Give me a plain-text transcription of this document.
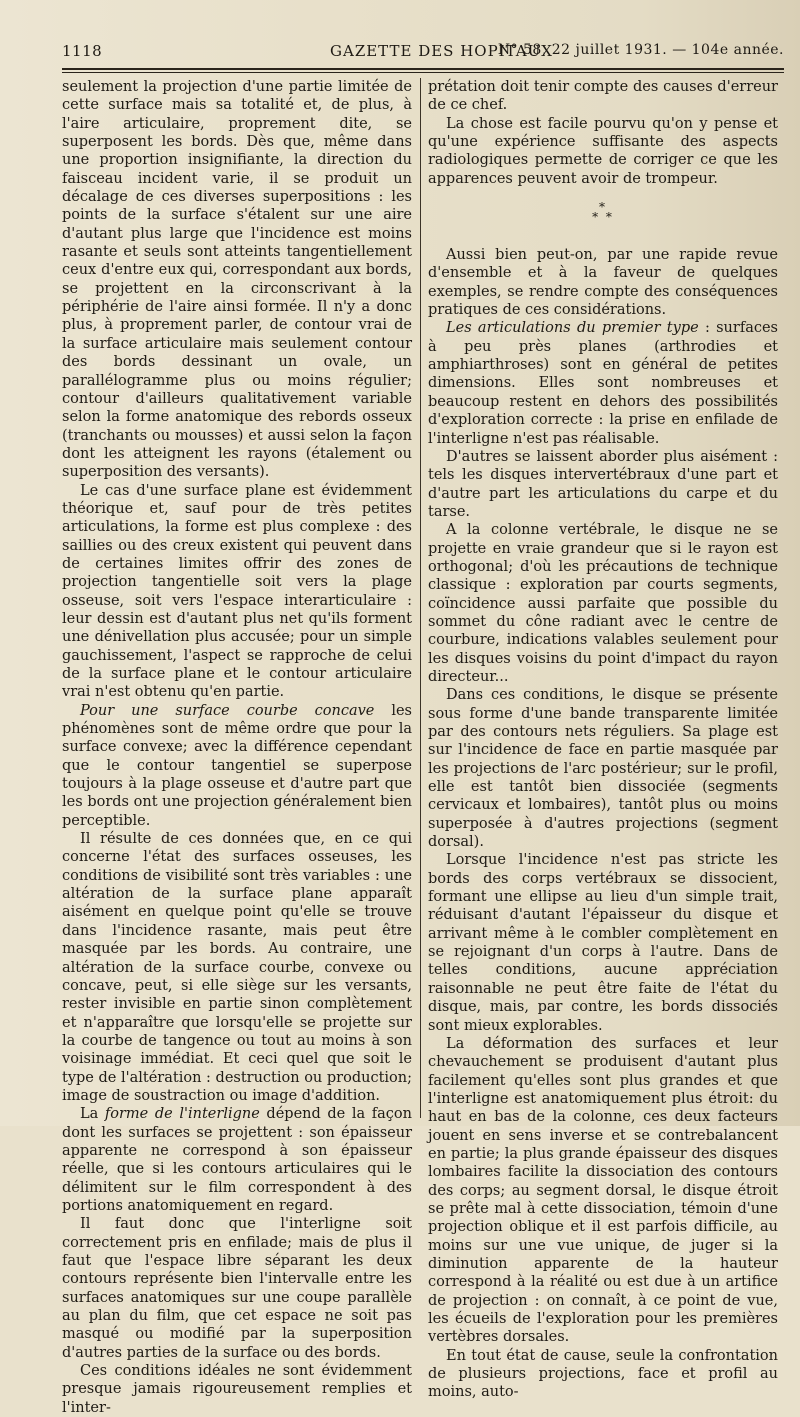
1118	GAZETTE DES HOPITAUX
N° 58, 22 juillet 1931. — 104e année.

seulement la projection d'une partie limitée de cette surface mais sa totalité et, de plus, à l'aire articulaire, proprement dite, se superposent les bords. Dès que, même dans une proportion insignifiante, la direction du faisceau incident varie, il se produit un décalage de ces diverses superpositions : les points de la surface s'étalent sur une aire d'autant plus large que l'incidence est moins rasante et seuls sont atteints tangentiellement ceux d'entre eux qui, correspondant aux bords, se projettent en la circonscrivant à la périphérie de l'aire ainsi formée. Il n'y a donc plus, à proprement parler, de contour vrai de la surface articulaire mais seulement contour des bords dessinant un ovale, un parallélogramme plus ou moins régulier; contour d'ailleurs qualitativement variable selon la forme anatomique des rebords osseux (tranchants ou mousses) et aussi selon la façon dont les atteignent les rayons (étalement ou superposition des versants).

Le cas d'une surface plane est évidemment théorique et, sauf pour de très petites articulations, la forme est plus complexe : des saillies ou des creux existent qui peuvent dans de certaines limites offrir des zones de projection tangentielle soit vers la plage osseuse, soit vers l'espace interarticulaire : leur dessin est d'autant plus net qu'ils forment une dénivellation plus accusée; pour un simple gauchissement, l'aspect se rapproche de celui de la surface plane et le contour articulaire vrai n'est obtenu qu'en partie.

Pour une surface courbe concave les phénomènes sont de même ordre que pour la surface convexe; avec la différence cependant que le contour tangentiel se superpose toujours à la plage osseuse et d'autre part que les bords ont une projection généralement bien perceptible.

Il résulte de ces données que, en ce qui concerne l'état des surfaces osseuses, les conditions de visibilité sont très variables : une altération de la surface plane apparaît aisément en quelque point qu'elle se trouve dans l'incidence rasante, mais peut être masquée par les bords. Au contraire, une altération de la surface courbe, convexe ou concave, peut, si elle siège sur les versants, rester invisible en partie sinon complètement et n'apparaître que lorsqu'elle se projette sur la courbe de tangence ou tout au moins à son voisinage immédiat. Et ceci quel que soit le type de l'altération : destruction ou production; image de soustraction ou image d'addition.

La forme de l'interligne dépend de la façon dont les surfaces se projettent : son épaisseur apparente ne correspond à son épaisseur réelle, que si les contours articulaires qui le délimitent sur le film correspondent à des portions anatomiquement en regard.

Il faut donc que l'interligne soit correctement pris en enfilade; mais de plus il faut que l'espace libre séparant les deux contours représente bien l'intervalle entre les surfaces anatomiques sur une coupe parallèle au plan du film, que cet espace ne soit pas masqué ou modifié par la superposition d'autres parties de la surface ou des bords.

Ces conditions idéales ne sont évidemment presque jamais rigoureusement remplies et l'inter-

prétation doit tenir compte des causes d'erreur de ce chef.

La chose est facile pourvu qu'on y pense et qu'une expérience suffisante des aspects radiologiques permette de corriger ce que les apparences peuvent avoir de trompeur.

*
* *

Aussi bien peut-on, par une rapide revue d'ensemble et à la faveur de quelques exemples, se rendre compte des conséquences pratiques de ces considérations.

Les articulations du premier type : surfaces à peu près planes (arthrodies et amphiarthroses) sont en général de petites dimensions. Elles sont nombreuses et beaucoup restent en dehors des possibilités d'exploration correcte : la prise en enfilade de l'interligne n'est pas réalisable.

D'autres se laissent aborder plus aisément : tels les disques intervertébraux d'une part et d'autre part les articulations du carpe et du tarse.

A la colonne vertébrale, le disque ne se projette en vraie grandeur que si le rayon est orthogonal; d'où les précautions de technique classique : exploration par courts segments, coïncidence aussi parfaite que possible du sommet du cône radiant avec le centre de courbure, indications valables seulement pour les disques voisins du point d'impact du rayon directeur...

Dans ces conditions, le disque se présente sous forme d'une bande transparente limitée par des contours nets réguliers. Sa plage est sur l'incidence de face en partie masquée par les projections de l'arc postérieur; sur le profil, elle est tantôt bien dissociée (segments cervicaux et lombaires), tantôt plus ou moins superposée à d'autres projections (segment dorsal).

Lorsque l'incidence n'est pas stricte les bords des corps vertébraux se dissocient, formant une ellipse au lieu d'un simple trait, réduisant d'autant l'épaisseur du disque et arrivant même à le combler complètement en se rejoignant d'un corps à l'autre. Dans de telles conditions, aucune appréciation raisonnable ne peut être faite de l'état du disque, mais, par contre, les bords dissociés sont mieux explorables.

La déformation des surfaces et leur chevauchement se produisent d'autant plus facilement qu'elles sont plus grandes et que l'interligne est anatomiquement plus étroit: du haut en bas de la colonne, ces deux facteurs jouent en sens inverse et se contrebalancent en partie; la plus grande épaisseur des disques lombaires facilite la dissociation des contours des corps; au segment dorsal, le disque étroit se prête mal à cette dissociation, témoin d'une projection oblique et il est parfois difficile, au moins sur une vue unique, de juger si la diminution apparente de la hauteur correspond à la réalité ou est due à un artifice de projection : on connaît, à ce point de vue, les écueils de l'exploration pour les premières vertèbres dorsales.

En tout état de cause, seule la confrontation de plusieurs projections, face et profil au moins, auto-
